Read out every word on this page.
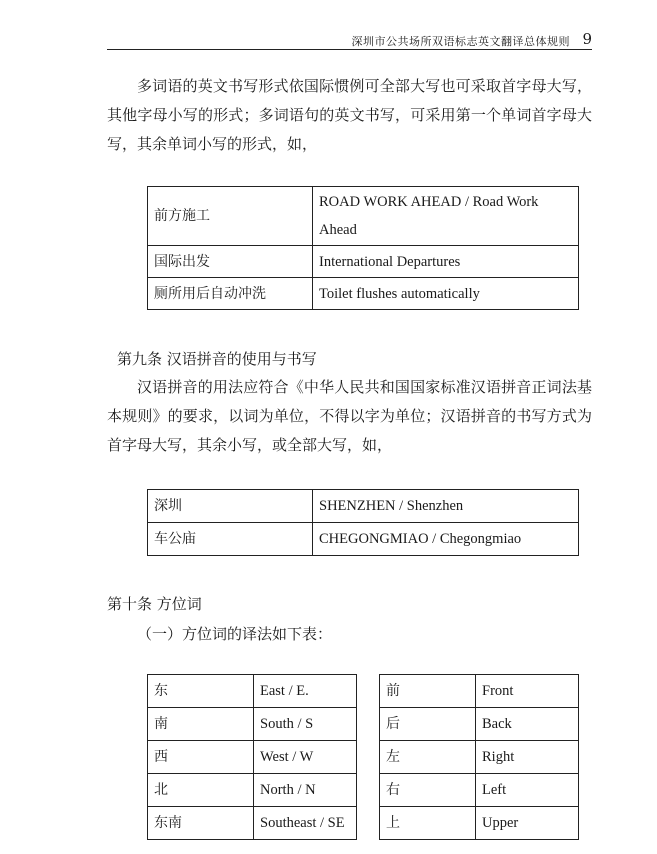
深圳市公共场所双语标志英文翻译总体规则 9

多词语的英文书写形式依国际惯例可全部大写也可采取首字母大写，其他字母小写的形式；多词语句的英文书写，可采用第一个单词首字母大写，其余单词小写的形式，如，

前方施工	ROAD WORK AHEAD / Road Work Ahead
国际出发	International Departures
厕所用后自动冲洗	Toilet flushes automatically

第九条 汉语拼音的使用与书写

汉语拼音的用法应符合《中华人民共和国国家标准汉语拼音正词法基本规则》的要求，以词为单位，不得以字为单位；汉语拼音的书写方式为首字母大写，其余小写，或全部大写，如，

深圳	SHENZHEN / Shenzhen
车公庙	CHEGONGMIAO / Chegongmiao

第十条 方位词

（一）方位词的译法如下表：

东	East / E.		前	Front
南	South / S		后	Back
西	West / W		左	Right
北	North / N		右	Left
东南	Southeast / SE		上	Upper
